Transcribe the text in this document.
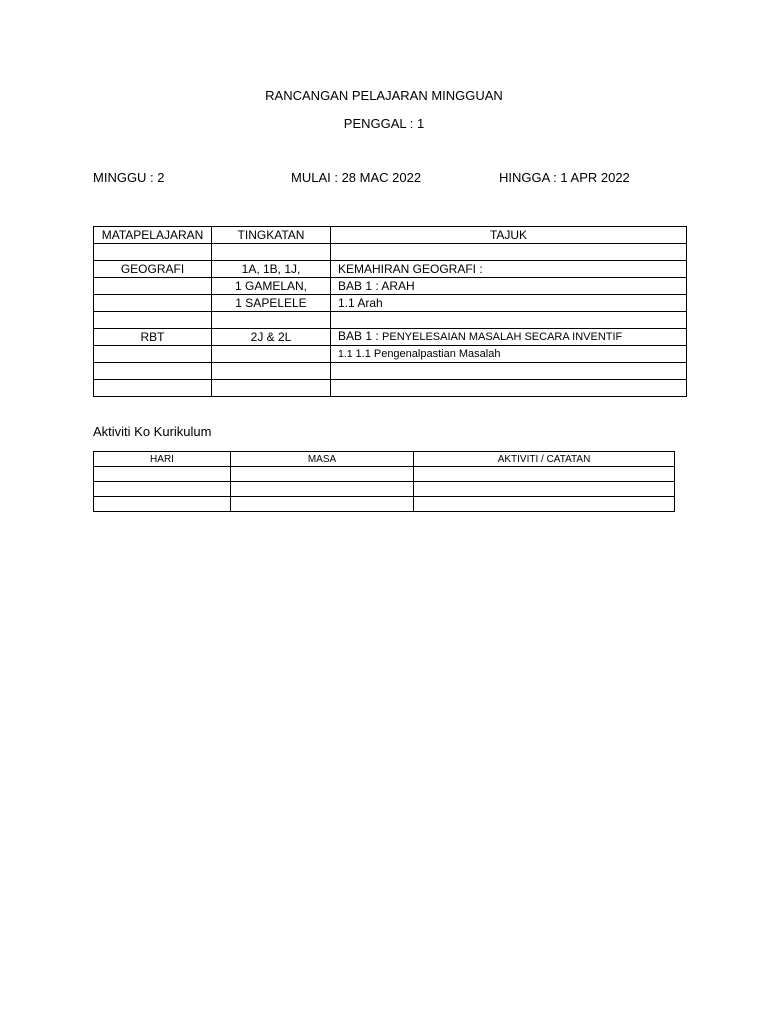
RANCANGAN PELAJARAN MINGGUAN
PENGGAL : 1
MINGGU : 2	MULAI : 28 MAC 2022	HINGGA : 1 APR 2022
MATAPELAJARAN	TINGKATAN	TAJUK

GEOGRAFI	1A, 1B, 1J,	KEMAHIRAN GEOGRAFI :
	1 GAMELAN,	BAB 1 : ARAH
	1 SAPELELE	1.1 Arah

RBT	2J & 2L	BAB 1 : PENYELESAIAN MASALAH SECARA INVENTIF
		1.1 1.1 Pengenalpastian Masalah

Aktiviti Ko Kurikulum
HARI	MASA	AKTIVITI / CATATAN
